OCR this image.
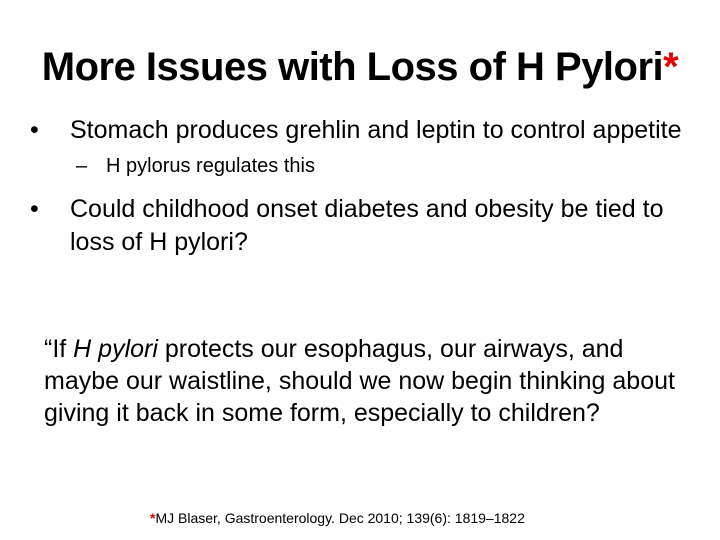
More Issues with Loss of H Pylori*
•	Stomach produces grehlin and leptin to control appetite
– H pylorus regulates this
•	Could childhood onset diabetes and obesity be tied to loss of H pylori?
“If H pylori protects our esophagus, our airways, and maybe our waistline, should we now begin thinking about giving it back in some form, especially to children?
*MJ Blaser, Gastroenterology. Dec 2010; 139(6): 1819–1822
